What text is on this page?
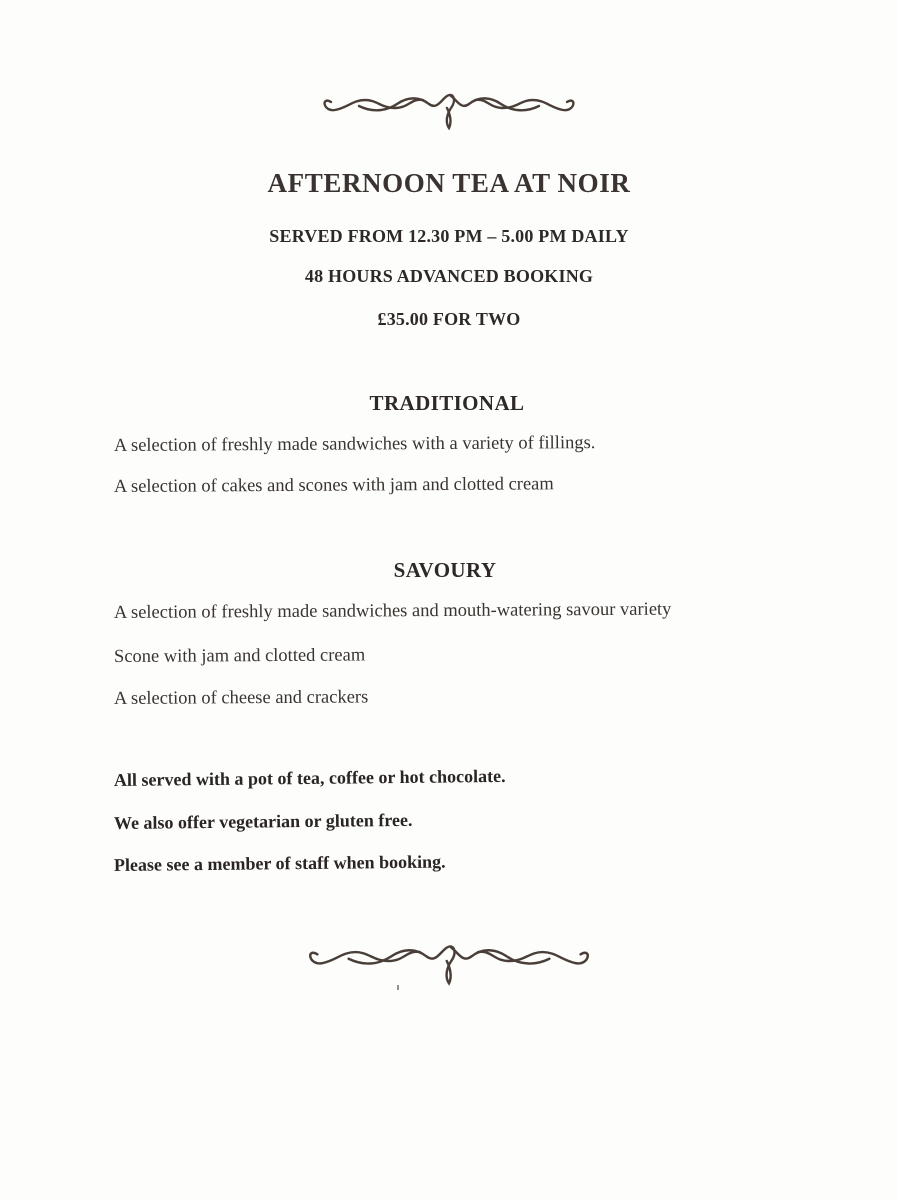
AFTERNOON TEA AT NOIR
SERVED FROM 12.30 PM – 5.00 PM DAILY
48 HOURS ADVANCED BOOKING
£35.00 FOR TWO
TRADITIONAL
A selection of freshly made sandwiches with a variety of fillings.
A selection of cakes and scones with jam and clotted cream
SAVOURY
A selection of freshly made sandwiches and mouth-watering savour variety
Scone with jam and clotted cream
A selection of cheese and crackers
All served with a pot of tea, coffee or hot chocolate.
We also offer vegetarian or gluten free.
Please see a member of staff when booking.
